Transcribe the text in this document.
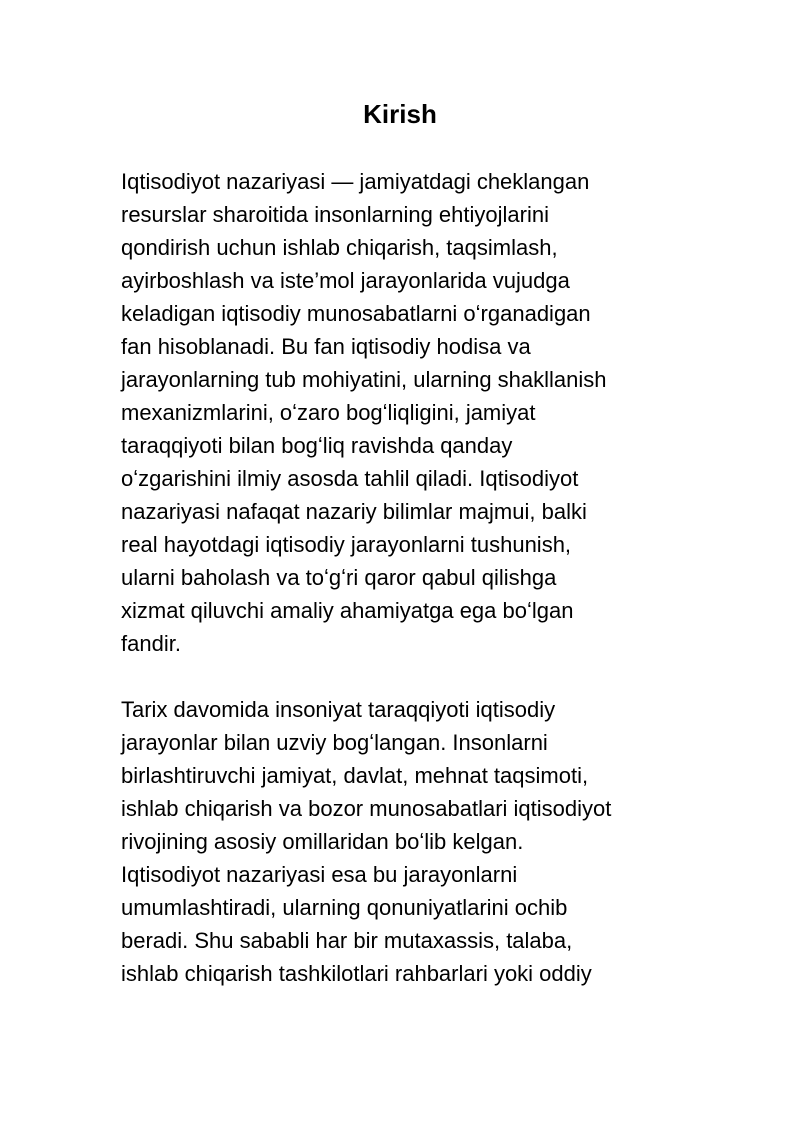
Kirish

Iqtisodiyot nazariyasi — jamiyatdagi cheklangan
resurslar sharoitida insonlarning ehtiyojlarini
qondirish uchun ishlab chiqarish, taqsimlash,
ayirboshlash va iste’mol jarayonlarida vujudga
keladigan iqtisodiy munosabatlarni oʻrganadigan
fan hisoblanadi. Bu fan iqtisodiy hodisa va
jarayonlarning tub mohiyatini, ularning shakllanish
mexanizmlarini, oʻzaro bogʻliqligini, jamiyat
taraqqiyoti bilan bogʻliq ravishda qanday
oʻzgarishini ilmiy asosda tahlil qiladi. Iqtisodiyot
nazariyasi nafaqat nazariy bilimlar majmui, balki
real hayotdagi iqtisodiy jarayonlarni tushunish,
ularni baholash va toʻgʻri qaror qabul qilishga
xizmat qiluvchi amaliy ahamiyatga ega boʻlgan
fandir.

Tarix davomida insoniyat taraqqiyoti iqtisodiy
jarayonlar bilan uzviy bogʻlangan. Insonlarni
birlashtiruvchi jamiyat, davlat, mehnat taqsimoti,
ishlab chiqarish va bozor munosabatlari iqtisodiyot
rivojining asosiy omillaridan boʻlib kelgan.
Iqtisodiyot nazariyasi esa bu jarayonlarni
umumlashtiradi, ularning qonuniyatlarini ochib
beradi. Shu sababli har bir mutaxassis, talaba,
ishlab chiqarish tashkilotlari rahbarlari yoki oddiy
